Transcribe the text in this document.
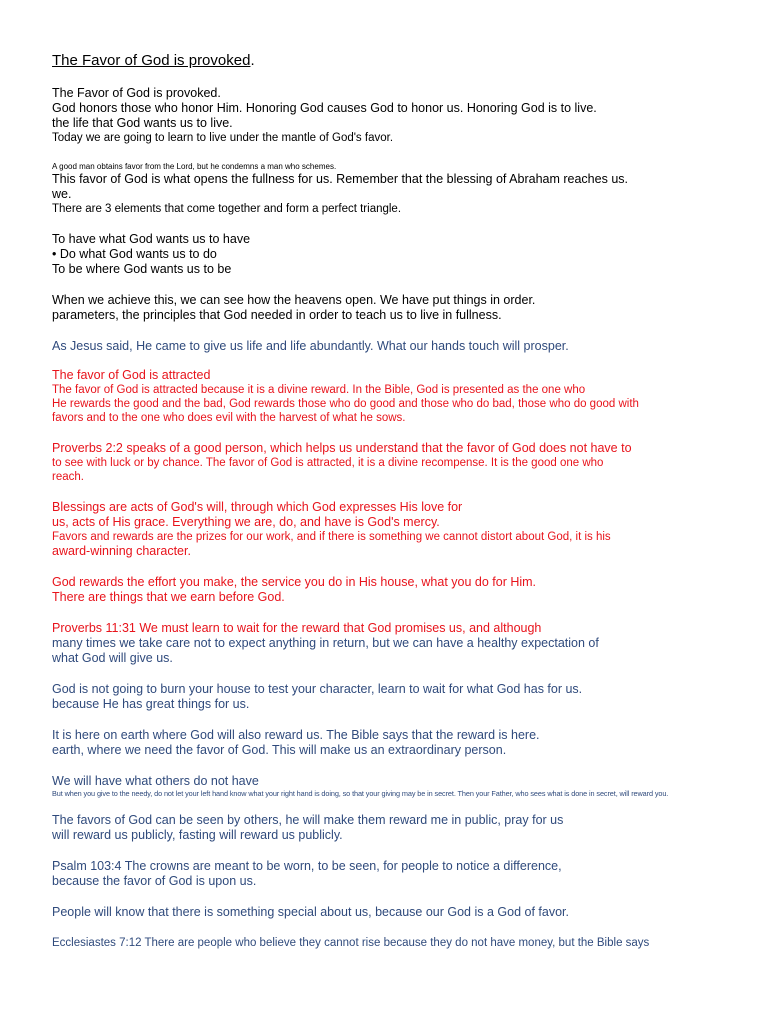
The Favor of God is provoked.
The Favor of God is provoked.
God honors those who honor Him. Honoring God causes God to honor us. Honoring God is to live.
the life that God wants us to live.
Today we are going to learn to live under the mantle of God's favor.
A good man obtains favor from the Lord, but he condemns a man who schemes.
This favor of God is what opens the fullness for us. Remember that the blessing of Abraham reaches us.
we.
There are 3 elements that come together and form a perfect triangle.
To have what God wants us to have
• Do what God wants us to do
To be where God wants us to be
When we achieve this, we can see how the heavens open. We have put things in order.
parameters, the principles that God needed in order to teach us to live in fullness.
As Jesus said, He came to give us life and life abundantly. What our hands touch will prosper.
The favor of God is attracted
The favor of God is attracted because it is a divine reward. In the Bible, God is presented as the one who
He rewards the good and the bad, God rewards those who do good and those who do bad, those who do good with
favors and to the one who does evil with the harvest of what he sows.
Proverbs 2:2 speaks of a good person, which helps us understand that the favor of God does not have to
to see with luck or by chance. The favor of God is attracted, it is a divine recompense. It is the good one who
reach.
Blessings are acts of God's will, through which God expresses His love for
us, acts of His grace. Everything we are, do, and have is God's mercy.
Favors and rewards are the prizes for our work, and if there is something we cannot distort about God, it is his
award-winning character.
God rewards the effort you make, the service you do in His house, what you do for Him.
There are things that we earn before God.
Proverbs 11:31 We must learn to wait for the reward that God promises us, and although
many times we take care not to expect anything in return, but we can have a healthy expectation of
what God will give us.
God is not going to burn your house to test your character, learn to wait for what God has for us.
because He has great things for us.
It is here on earth where God will also reward us. The Bible says that the reward is here.
earth, where we need the favor of God. This will make us an extraordinary person.
We will have what others do not have
But when you give to the needy, do not let your left hand know what your right hand is doing, so that your giving may be in secret. Then your Father, who sees what is done in secret, will reward you.
The favors of God can be seen by others, he will make them reward me in public, pray for us
will reward us publicly, fasting will reward us publicly.
Psalm 103:4 The crowns are meant to be worn, to be seen, for people to notice a difference,
because the favor of God is upon us.
People will know that there is something special about us, because our God is a God of favor.
Ecclesiastes 7:12 There are people who believe they cannot rise because they do not have money, but the Bible says
